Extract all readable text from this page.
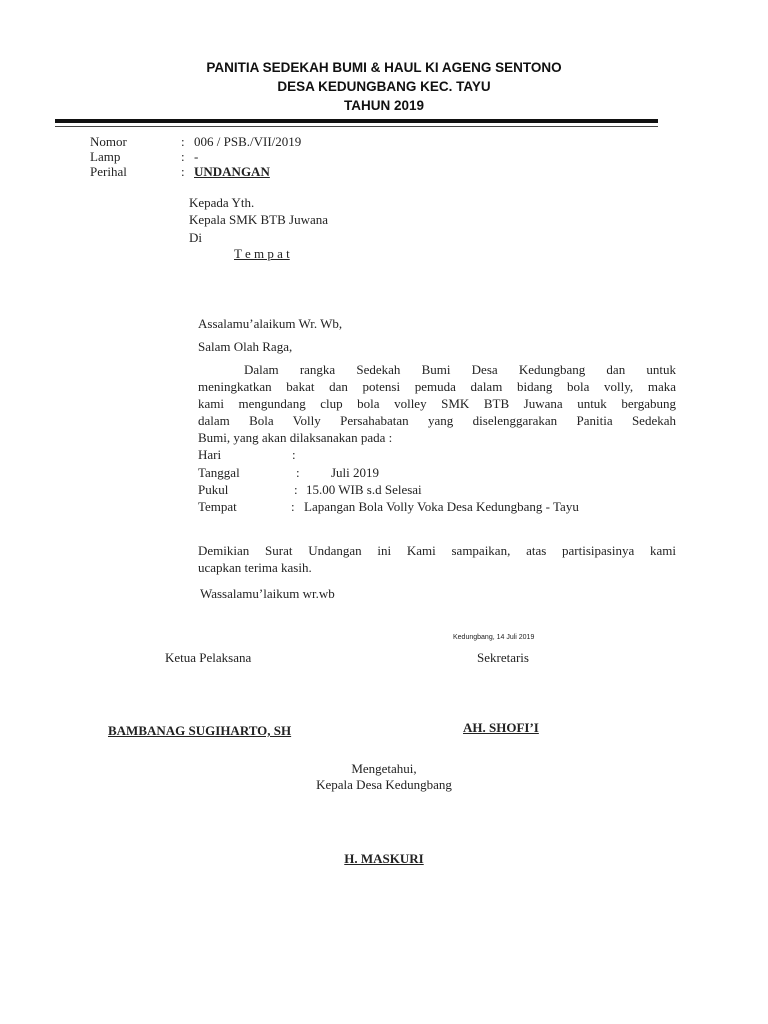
PANITIA SEDEKAH BUMI & HAUL KI AGENG SENTONO
DESA KEDUNGBANG KEC. TAYU
TAHUN 2019
Nomor	: 006 / PSB./VII/2019
Lamp	: -
Perihal	: UNDANGAN
Kepada Yth.
Kepala SMK BTB Juwana
Di
T e m p a t
Assalamu’alaikum Wr. Wb,
Salam Olah Raga,
Dalam rangka Sedekah Bumi Desa Kedungbang dan untuk
meningkatkan bakat dan potensi pemuda dalam bidang bola volly, maka
kami mengundang clup bola volley SMK BTB Juwana untuk bergabung
dalam Bola Volly Persahabatan yang diselenggarakan Panitia Sedekah
Bumi, yang akan dilaksanakan pada :
Hari	:
Tanggal	: Juli 2019
Pukul	: 15.00 WIB s.d Selesai
Tempat	: Lapangan Bola Volly Voka Desa Kedungbang - Tayu
Demikian Surat Undangan ini Kami sampaikan, atas partisipasinya kami
ucapkan terima kasih.
Wassalamu’laikum wr.wb
Kedungbang, 14 Juli 2019
Ketua Pelaksana	Sekretaris
BAMBANAG SUGIHARTO, SH	AH. SHOFI’I
Mengetahui,
Kepala Desa Kedungbang
H. MASKURI
